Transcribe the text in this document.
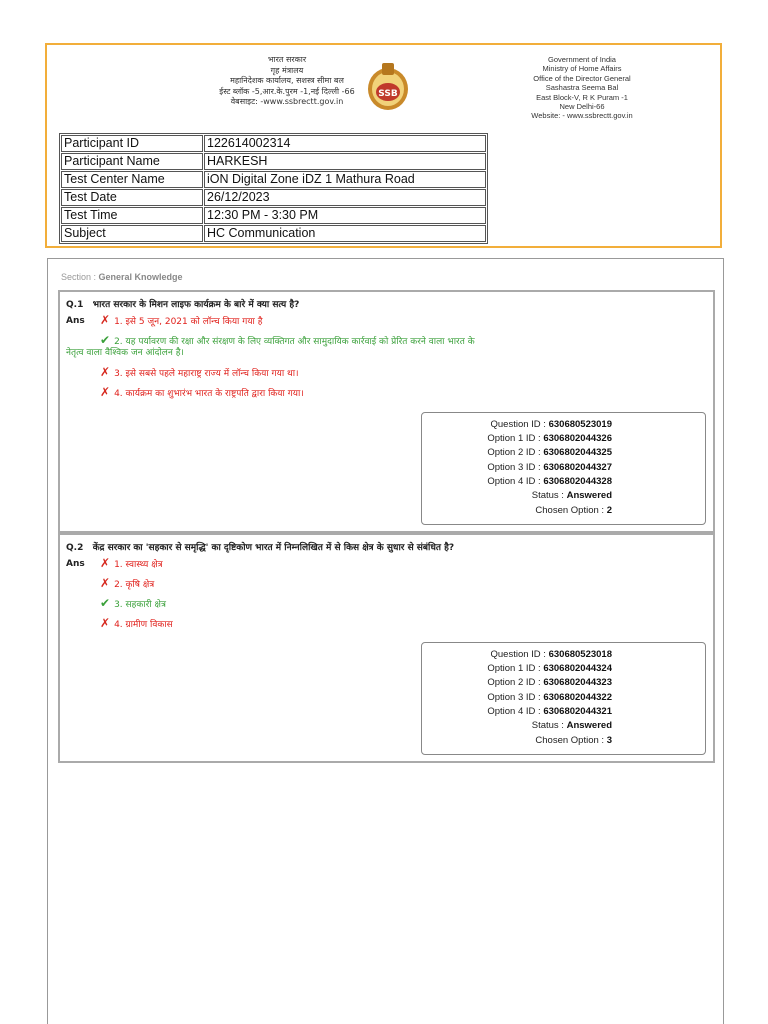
भारत सरकार
गृह मंत्रालय
महानिदेशक कार्यालय, सशस्त्र सीमा बल
ईस्ट ब्लॉक -5,आर.के.पुरम -1,नई दिल्ली -66
वेबसाइट: -www.ssbrectt.gov.in
SSB
Government of India
Ministry of Home Affairs
Office of the Director General
Sashastra Seema Bal
East Block-V, R K Puram -1
New Delhi-66
Website: - www.ssbrectt.gov.in
Participant ID	122614002314
Participant Name	HARKESH
Test Center Name	iON Digital Zone iDZ 1 Mathura Road
Test Date	26/12/2023
Test Time	12:30 PM - 3:30 PM
Subject	HC Communication
Section : General Knowledge
Q.1 भारत सरकार के मिशन लाइफ कार्यक्रम के बारे में क्या सत्य है?
Ans ✗ 1. इसे 5 जून, 2021 को लॉन्च किया गया है
✔ 2. यह पर्यावरण की रक्षा और संरक्षण के लिए व्यक्तिगत और सामुदायिक कार्रवाई को प्रेरित करने वाला भारत के
नेतृत्व वाला वैश्विक जन आंदोलन है।
✗ 3. इसे सबसे पहले महाराष्ट्र राज्य में लॉन्च किया गया था।
✗ 4. कार्यक्रम का शुभारंभ भारत के राष्ट्रपति द्वारा किया गया।
Question ID : 630680523019
Option 1 ID : 6306802044326
Option 2 ID : 6306802044325
Option 3 ID : 6306802044327
Option 4 ID : 6306802044328
Status : Answered
Chosen Option : 2
Q.2 केंद्र सरकार का 'सहकार से समृद्धि' का दृष्टिकोण भारत में निम्नलिखित में से किस क्षेत्र के सुधार से संबंधित है?
Ans ✗ 1. स्वास्थ्य क्षेत्र
✗ 2. कृषि क्षेत्र
✔ 3. सहकारी क्षेत्र
✗ 4. ग्रामीण विकास
Question ID : 630680523018
Option 1 ID : 6306802044324
Option 2 ID : 6306802044323
Option 3 ID : 6306802044322
Option 4 ID : 6306802044321
Status : Answered
Chosen Option : 3
